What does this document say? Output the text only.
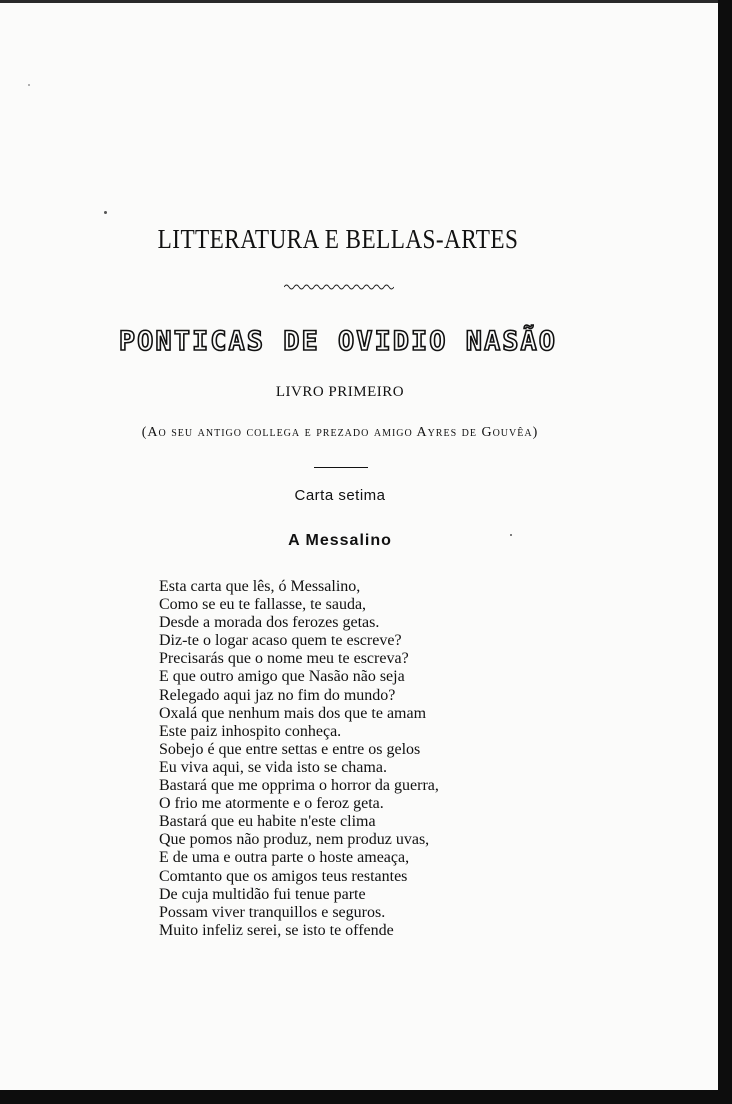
LITTERATURA E BELLAS-ARTES
PONTICAS DE OVIDIO NASÃO
LIVRO PRIMEIRO
(Ao seu antigo collega e prezado amigo Ayres de Gouvêa)
Carta setima
A Messalino
Esta carta que lês, ó Messalino,
Como se eu te fallasse, te sauda,
Desde a morada dos ferozes getas.
Diz-te o logar acaso quem te escreve?
Precisarás que o nome meu te escreva?
E que outro amigo que Nasão não seja
Relegado aqui jaz no fim do mundo?
Oxalá que nenhum mais dos que te amam
Este paiz inhospito conheça.
Sobejo é que entre settas e entre os gelos
Eu viva aqui, se vida isto se chama.
Bastará que me opprima o horror da guerra,
O frio me atormente e o feroz geta.
Bastará que eu habite n'este clima
Que pomos não produz, nem produz uvas,
E de uma e outra parte o hoste ameaça,
Comtanto que os amigos teus restantes
De cuja multidão fui tenue parte
Possam viver tranquillos e seguros.
Muito infeliz serei, se isto te offende
